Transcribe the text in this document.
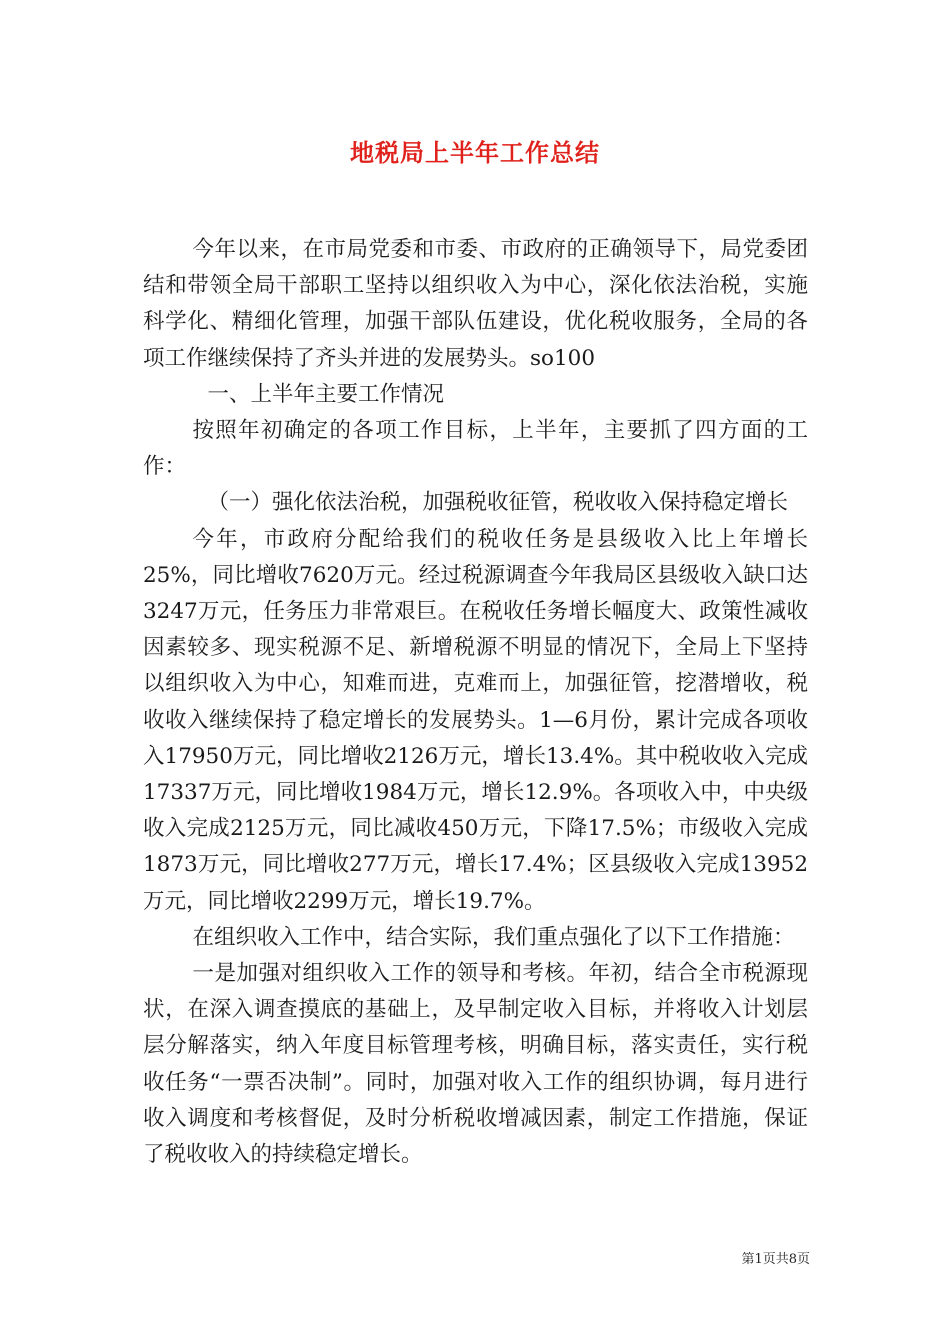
地税局上半年工作总结

今年以来，在市局党委和市委、市政府的正确领导下，局党委团结和带领全局干部职工坚持以组织收入为中心，深化依法治税，实施科学化、精细化管理，加强干部队伍建设，优化税收服务，全局的各项工作继续保持了齐头并进的发展势头。so100

一、上半年主要工作情况

按照年初确定的各项工作目标，上半年，主要抓了四方面的工作：

（一）强化依法治税，加强税收征管，税收收入保持稳定增长

今年，市政府分配给我们的税收任务是县级收入比上年增长25%，同比增收7620万元。经过税源调查今年我局区县级收入缺口达3247万元，任务压力非常艰巨。在税收任务增长幅度大、政策性减收因素较多、现实税源不足、新增税源不明显的情况下，全局上下坚持以组织收入为中心，知难而进，克难而上，加强征管，挖潜增收，税收收入继续保持了稳定增长的发展势头。1—6月份，累计完成各项收入17950万元，同比增收2126万元，增长13.4%。其中税收收入完成17337万元，同比增收1984万元，增长12.9%。各项收入中，中央级收入完成2125万元，同比减收450万元，下降17.5%；市级收入完成1873万元，同比增收277万元，增长17.4%；区县级收入完成13952万元，同比增收2299万元，增长19.7%。

在组织收入工作中，结合实际，我们重点强化了以下工作措施：

一是加强对组织收入工作的领导和考核。年初，结合全市税源现状，在深入调查摸底的基础上，及早制定收入目标，并将收入计划层层分解落实，纳入年度目标管理考核，明确目标，落实责任，实行税收任务“一票否决制”。同时，加强对收入工作的组织协调，每月进行收入调度和考核督促，及时分析税收增减因素，制定工作措施，保证了税收收入的持续稳定增长。

第1页共8页
